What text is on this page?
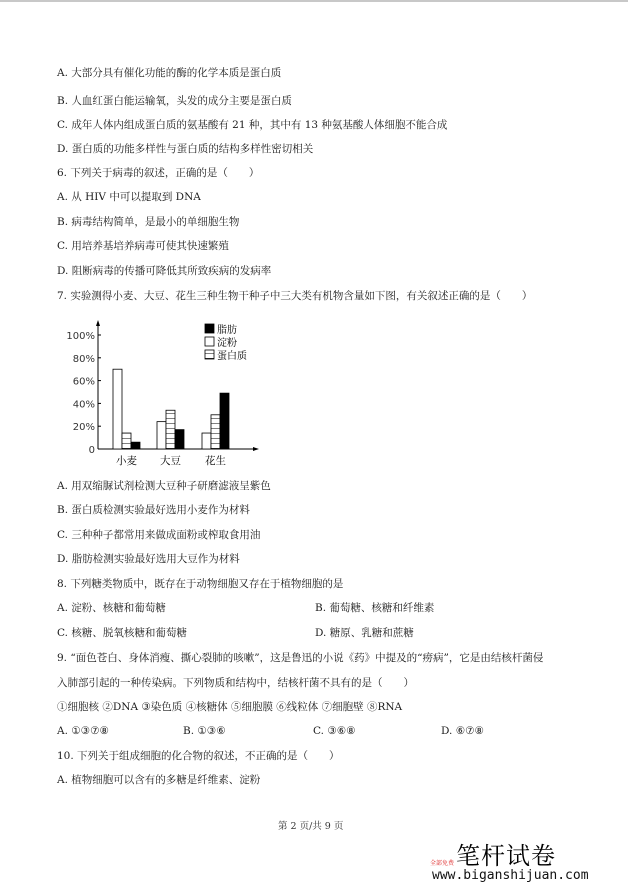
A. 大部分具有催化功能的酶的化学本质是蛋白质
B. 人血红蛋白能运输氧，头发的成分主要是蛋白质
C. 成年人体内组成蛋白质的氨基酸有 21 种，其中有 13 种氨基酸人体细胞不能合成
D. 蛋白质的功能多样性与蛋白质的结构多样性密切相关
6. 下列关于病毒的叙述，正确的是（　　）
A. 从 HIV 中可以提取到 DNA
B. 病毒结构简单，是最小的单细胞生物
C. 用培养基培养病毒可使其快速繁殖
D. 阻断病毒的传播可降低其所致疾病的发病率
7. 实验测得小麦、大豆、花生三种生物干种子中三大类有机物含量如下图，有关叙述正确的是（　　）
0
20%
40%
60%
80%
100%
小麦 大豆 花生
脂肪
淀粉
蛋白质
A. 用双缩脲试剂检测大豆种子研磨滤液呈紫色
B. 蛋白质检测实验最好选用小麦作为材料
C. 三种种子都常用来做成面粉或榨取食用油
D. 脂肪检测实验最好选用大豆作为材料
8. 下列糖类物质中，既存在于动物细胞又存在于植物细胞的是
A. 淀粉、核糖和葡萄糖	B. 葡萄糖、核糖和纤维素
C. 核糖、脱氧核糖和葡萄糖	D. 糖原、乳糖和蔗糖
9. “面色苍白、身体消瘦、撕心裂肺的咳嗽”，这是鲁迅的小说《药》中提及的“痨病”，它是由结核杆菌侵
入肺部引起的一种传染病。下列物质和结构中，结核杆菌不具有的是（　　）
①细胞核 ②DNA ③染色质 ④核糖体 ⑤细胞膜 ⑥线粒体 ⑦细胞壁 ⑧RNA
A. ①③⑦⑧	B. ①③⑥	C. ③⑥⑧	D. ⑥⑦⑧
10. 下列关于组成细胞的化合物的叙述，不正确的是（　　）
A. 植物细胞可以含有的多糖是纤维素、淀粉
第 2 页/共 9 页
笔杆试卷
全部免费
www.biganshijuan.com
